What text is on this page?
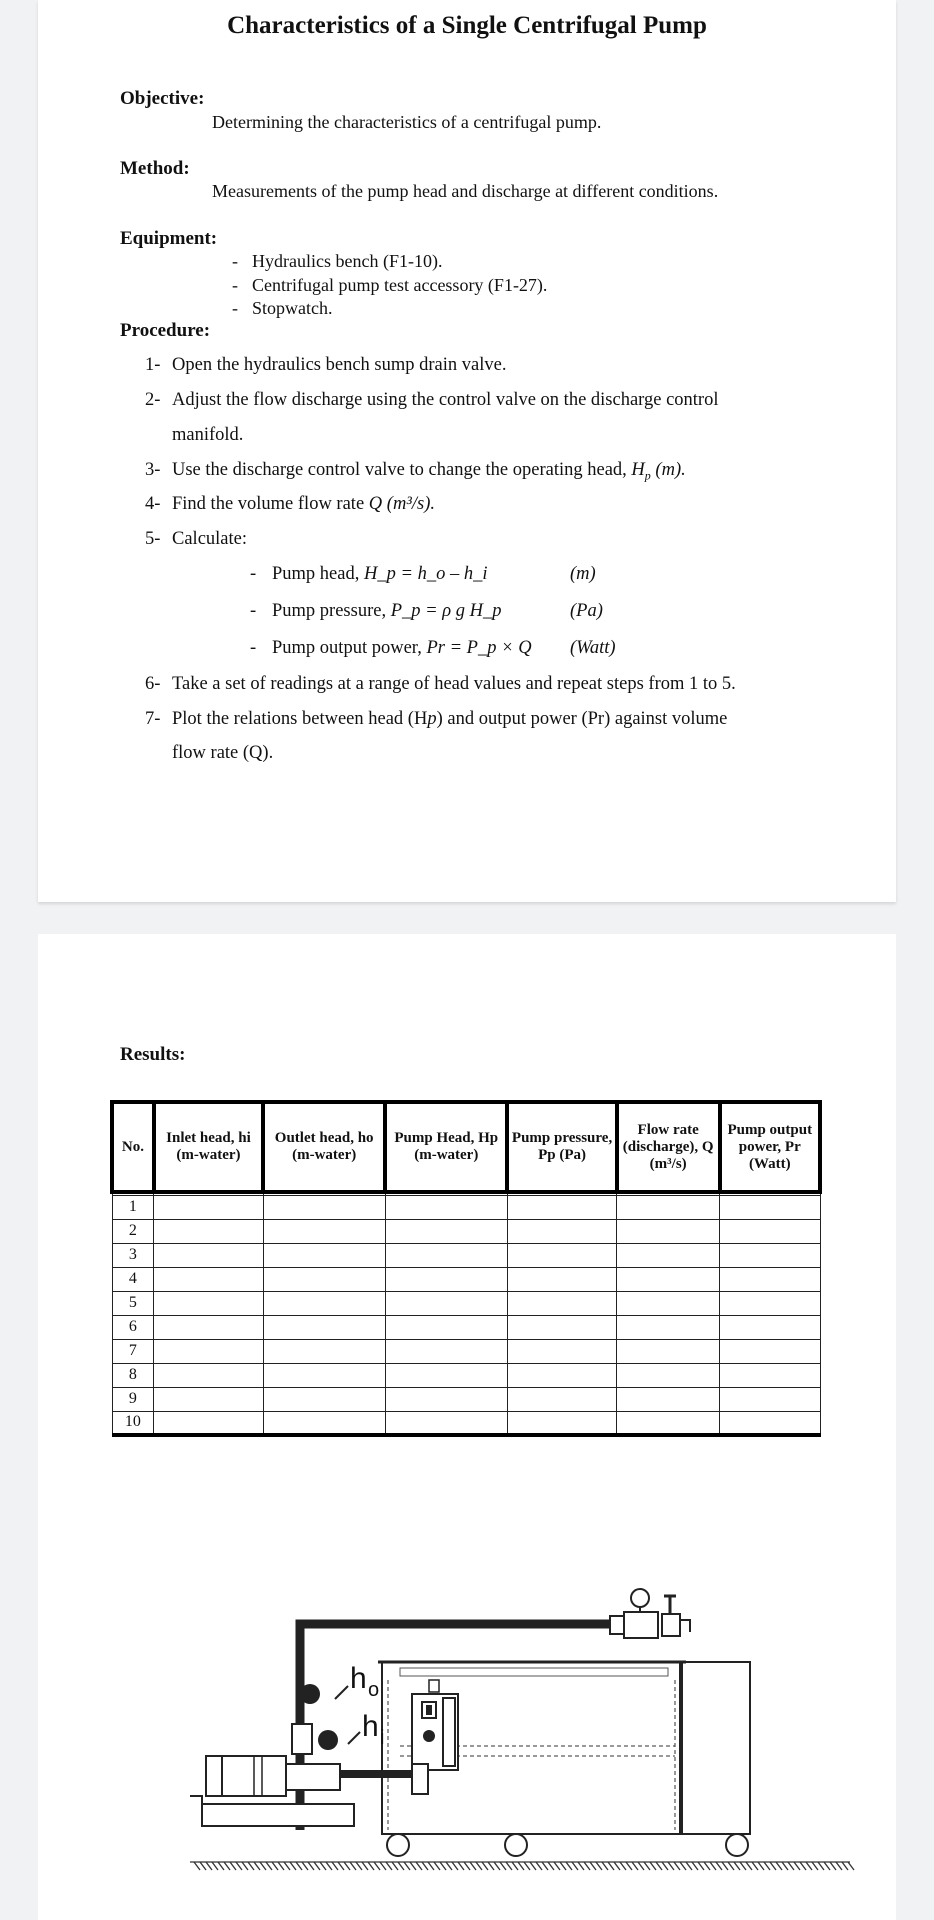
Characteristics of a Single Centrifugal Pump
Objective:
Determining the characteristics of a centrifugal pump.
Method:
Measurements of the pump head and discharge at different conditions.
Equipment:
- Hydraulics bench (F1-10).
- Centrifugal pump test accessory (F1-27).
- Stopwatch.
Procedure:
1- Open the hydraulics bench sump drain valve.
2- Adjust the flow discharge using the control valve on the discharge control
manifold.
3- Use the discharge control valve to change the operating head, $H_p$ (m).
4- Find the volume flow rate Q (m³/s).
5- Calculate:
- Pump head, H_p = h_o – h_i	(m)
- Pump pressure, P_p = ρ g H_p	(Pa)
- Pump output power, Pr = P_p × Q (Watt)
6- Take a set of readings at a range of head values and repeat steps from 1 to 5.
7- Plot the relations between head (Hp) and output power (Pr) against volume
flow rate (Q).
Results:
No.	Inlet head, hi (m-water)	Outlet head, ho (m-water)	Pump Head, Hp (m-water)	Pump pressure, Pp (Pa)	Flow rate (discharge), Q (m³/s)	Pump output power, Pr (Watt)

1						
2						
3						
4						
5						
6						
7						
8						
9						
10						
h o
h i
